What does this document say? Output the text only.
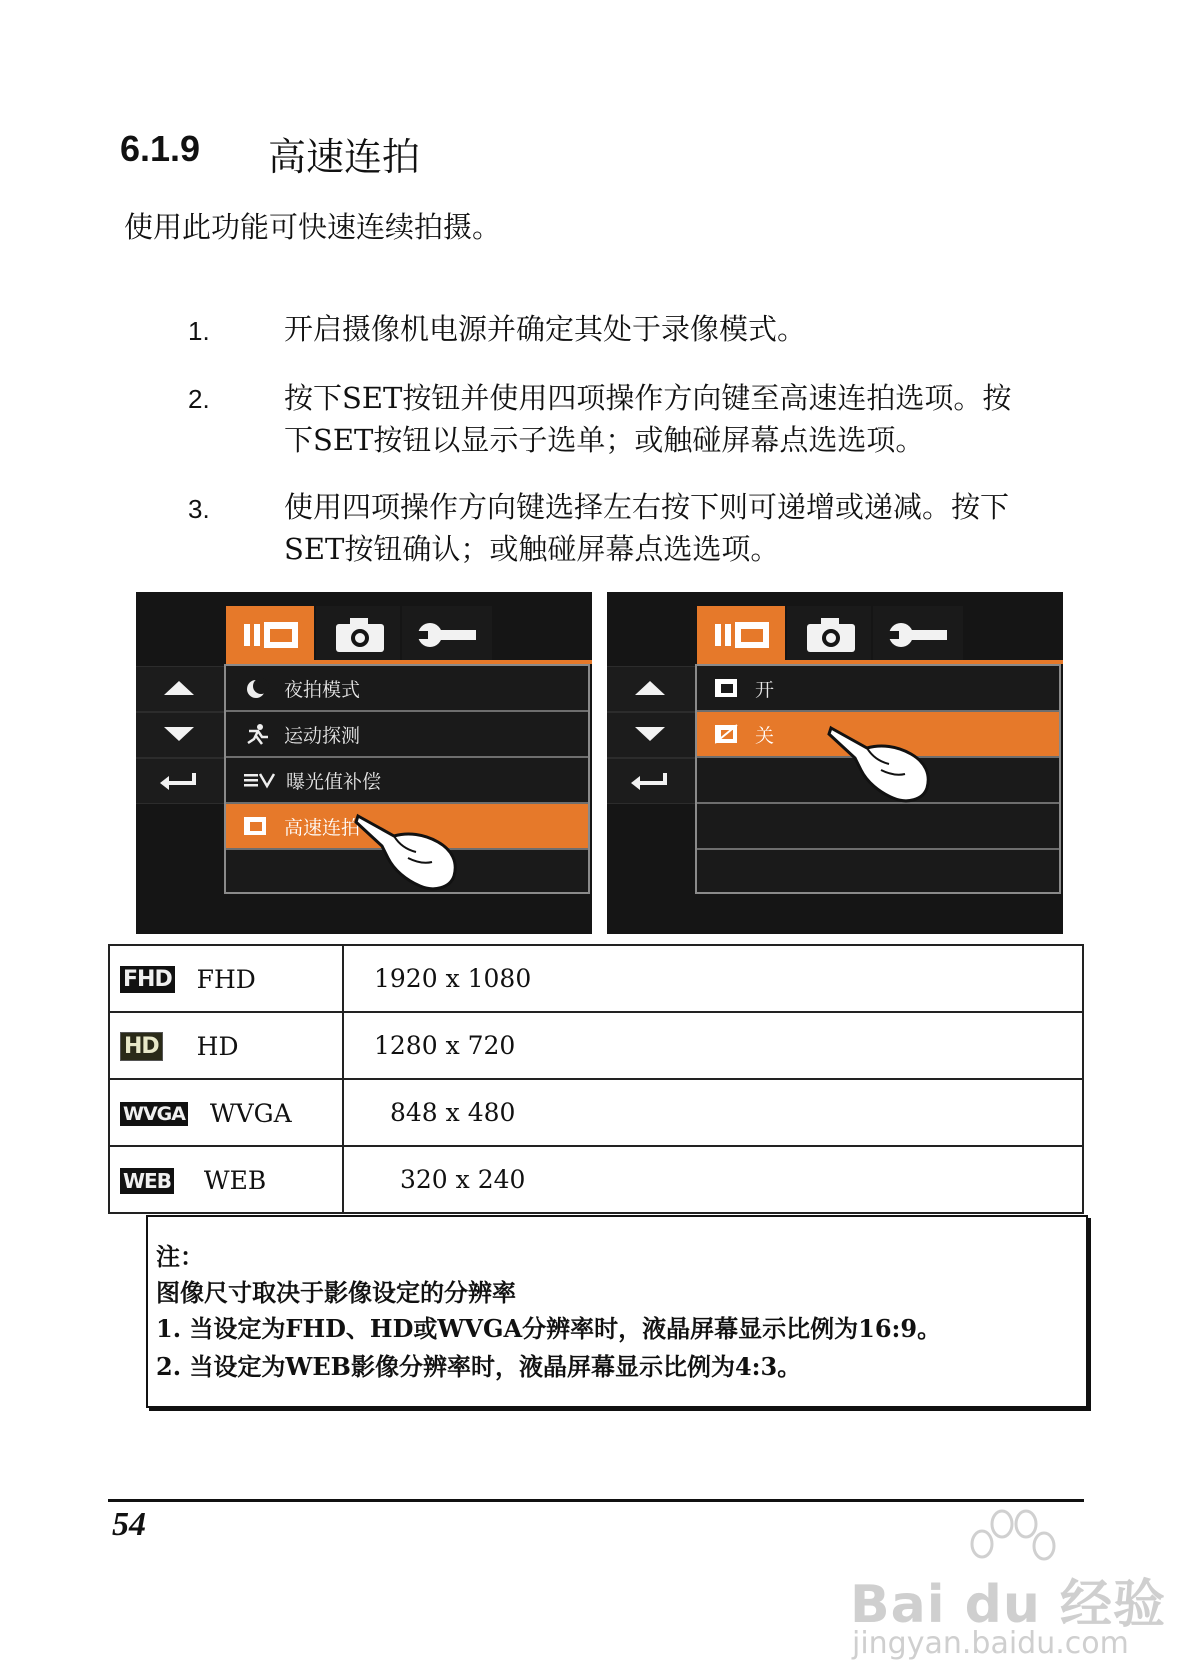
6.1.9 高速连拍
使用此功能可快速连续拍摄。
1.	开启摄像机电源并确定其处于录像模式。
2.	按下SET按钮并使用四项操作方向键至高速连拍选项。按
下SET按钮以显示子选单；或触碰屏幕点选选项。
3.	使用四项操作方向键选择左右按下则可递增或递减。按下
SET按钮确认；或触碰屏幕点选选项。
夜拍模式
运动探测
曝光值补偿
高速连拍
开
关
FHD FHD	1920 x 1080
HD HD	1280 x 720
WVGA WVGA	848 x 480
WEB WEB	320 x 240
注：
图像尺寸取决于影像设定的分辨率
1. 当设定为FHD、HD或WVGA分辨率时，液晶屏幕显示比例为16:9。
2. 当设定为WEB影像分辨率时，液晶屏幕显示比例为4:3。
54
Bai du 经验
jingyan.baidu.com
